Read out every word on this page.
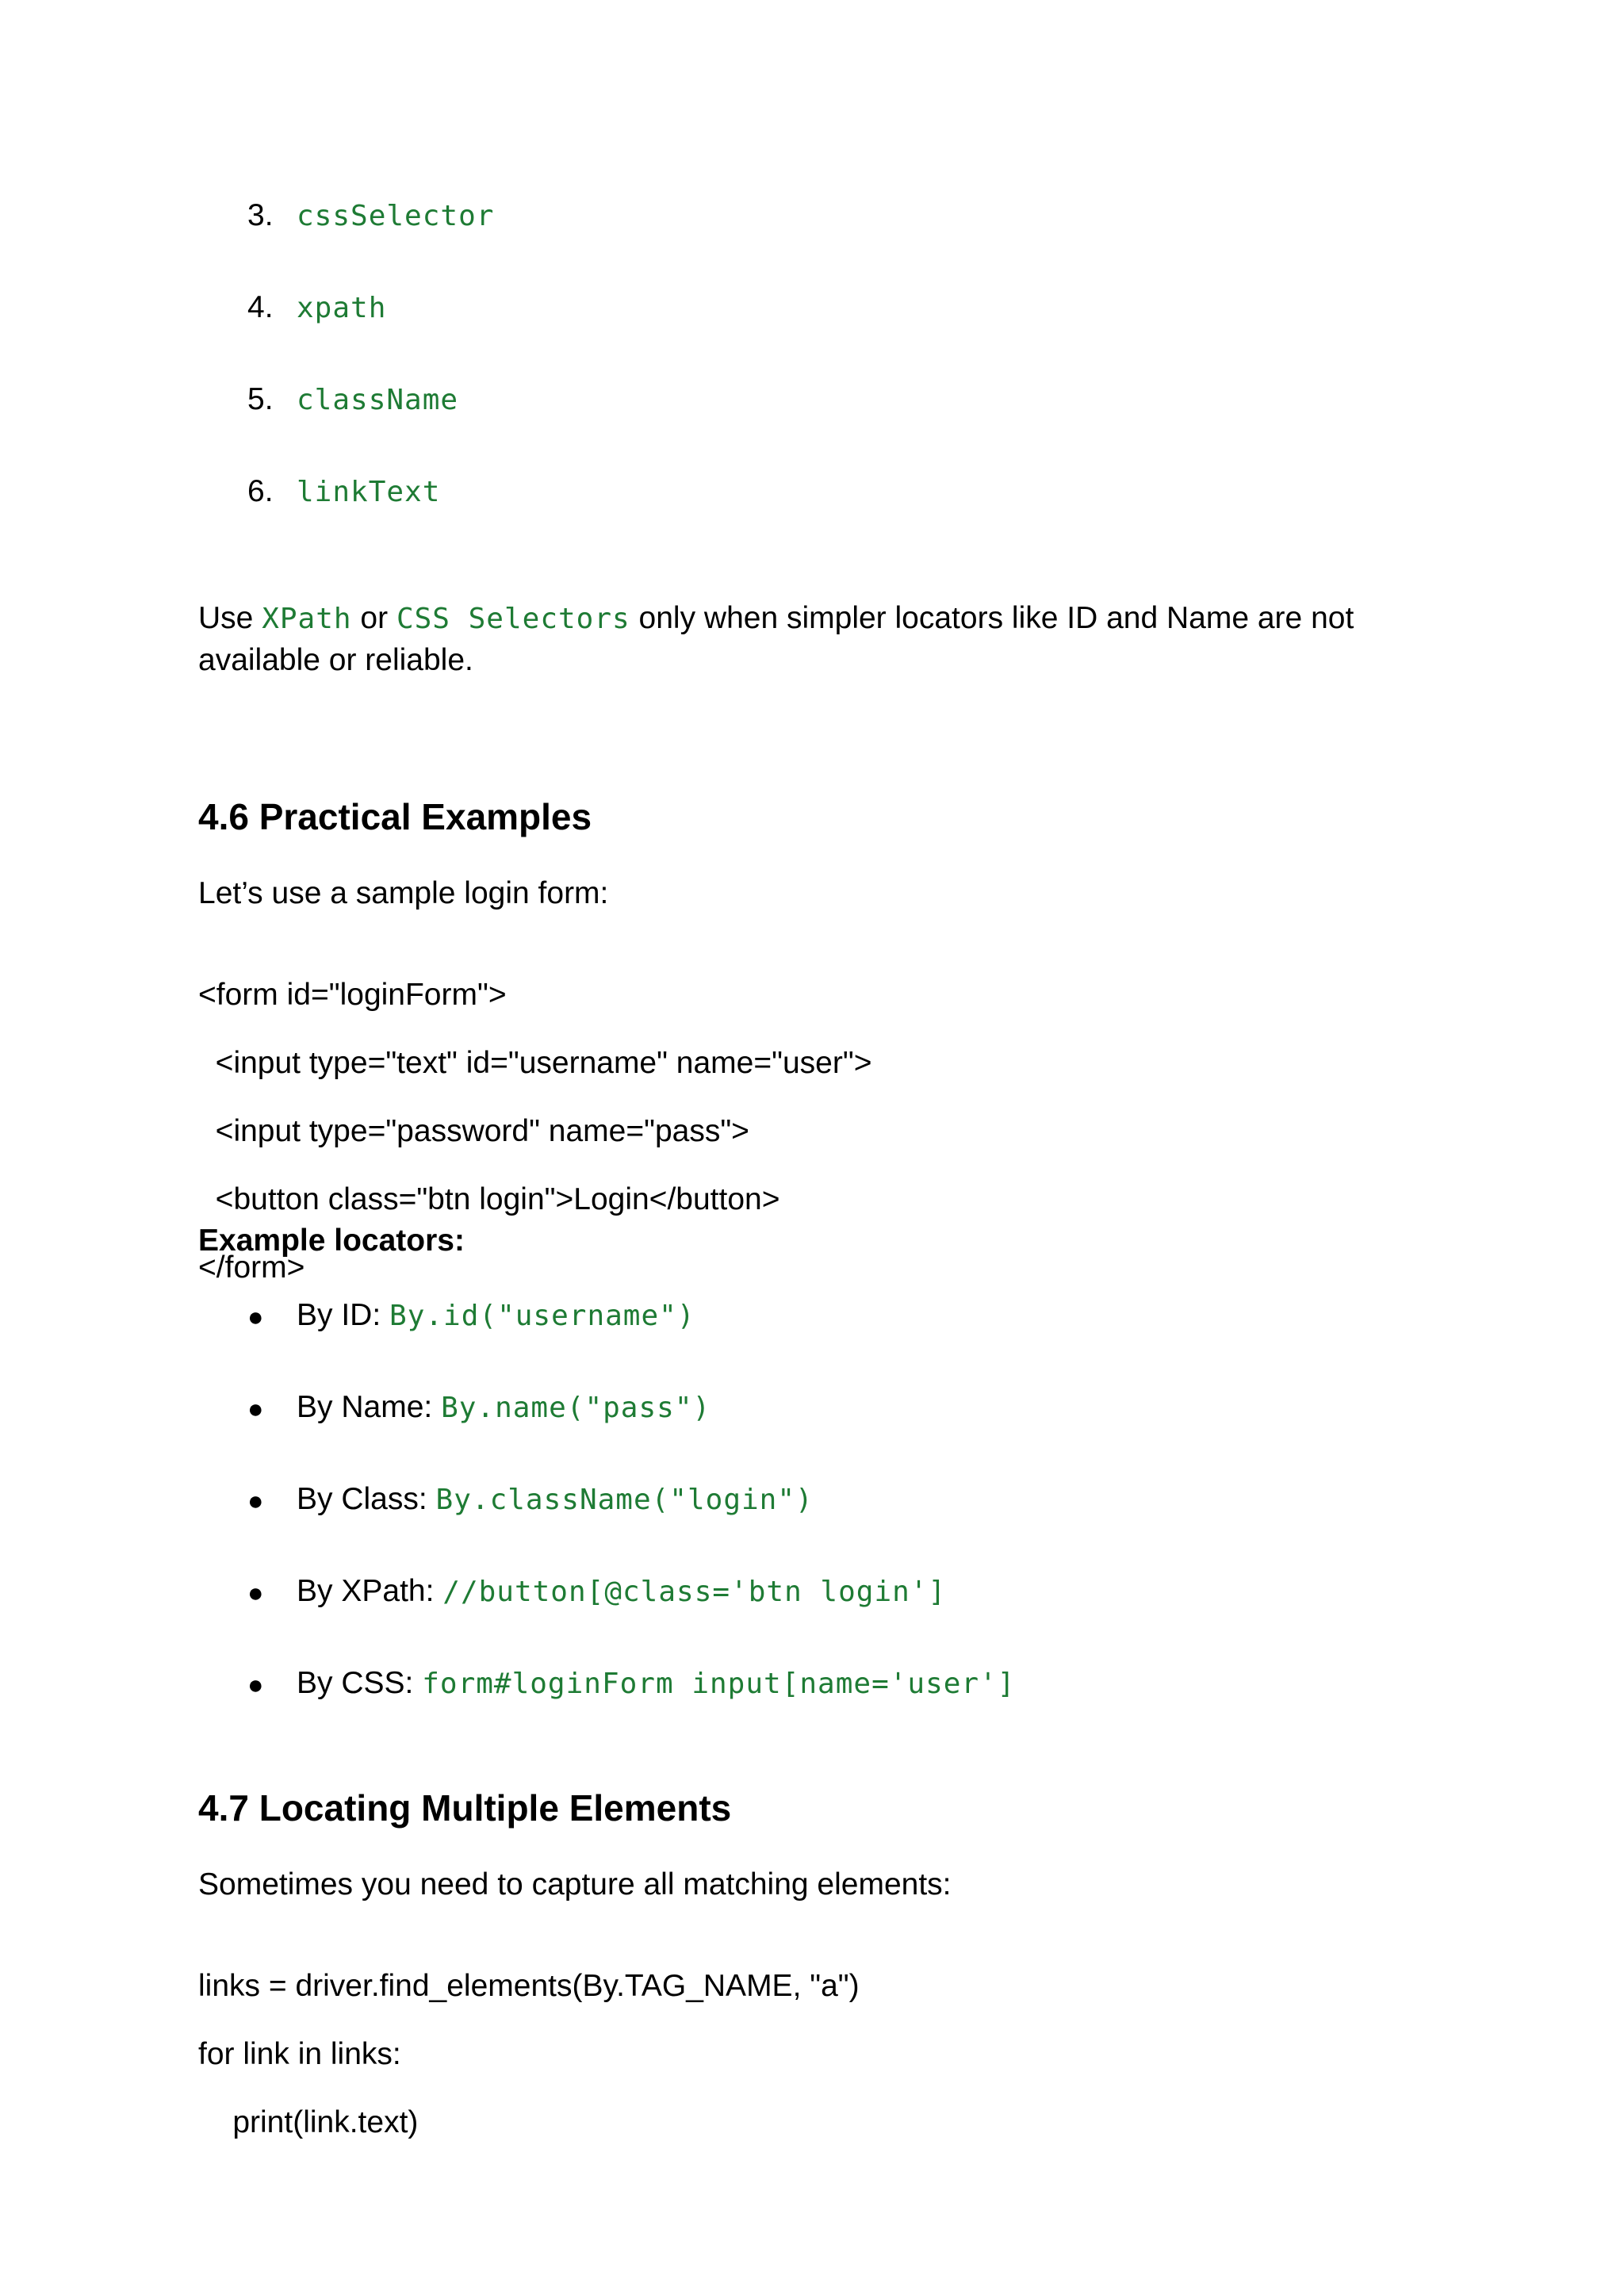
3. cssSelector
4. xpath
5. className
6. linkText
Use XPath or CSS Selectors only when simpler locators like ID and Name are not
available or reliable.
4.6 Practical Examples
Let’s use a sample login form:

<form id="loginForm">

<input type="text" id="username" name="user">

<input type="password" name="pass">

<button class="btn login">Login</button>

</form>

Example locators:
● By ID: By.id("username")
● By Name: By.name("pass")
● By Class: By.className("login")
● By XPath: //button[@class='btn login']
● By CSS: form#loginForm input[name='user']
4.7 Locating Multiple Elements
Sometimes you need to capture all matching elements:

links = driver.find_elements(By.TAG_NAME, "a")

for link in links:

print(link.text)
